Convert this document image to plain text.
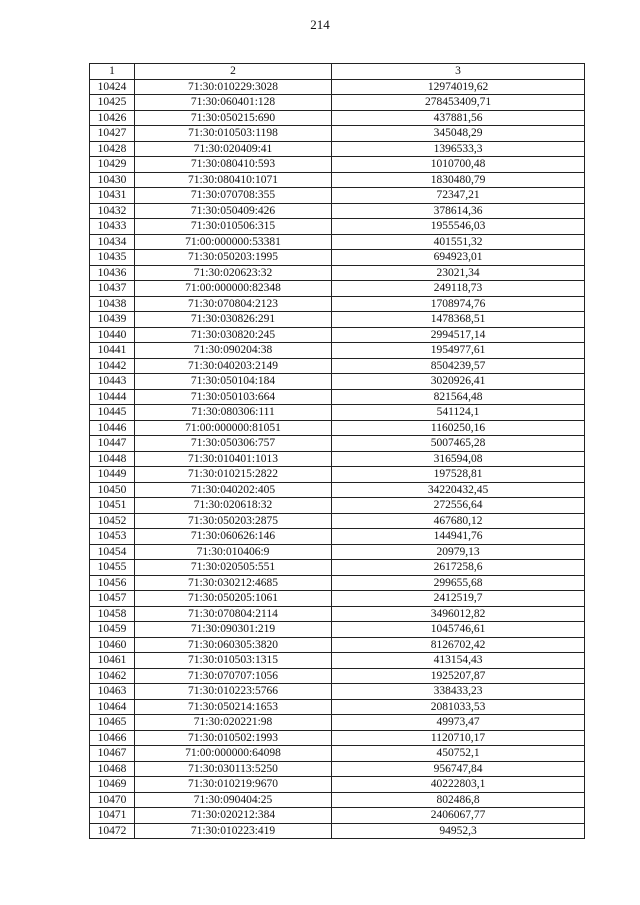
214
1	2	3
10424	71:30:010229:3028	12974019,62
10425	71:30:060401:128	278453409,71
10426	71:30:050215:690	437881,56
10427	71:30:010503:1198	345048,29
10428	71:30:020409:41	1396533,3
10429	71:30:080410:593	1010700,48
10430	71:30:080410:1071	1830480,79
10431	71:30:070708:355	72347,21
10432	71:30:050409:426	378614,36
10433	71:30:010506:315	1955546,03
10434	71:00:000000:53381	401551,32
10435	71:30:050203:1995	694923,01
10436	71:30:020623:32	23021,34
10437	71:00:000000:82348	249118,73
10438	71:30:070804:2123	1708974,76
10439	71:30:030826:291	1478368,51
10440	71:30:030820:245	2994517,14
10441	71:30:090204:38	1954977,61
10442	71:30:040203:2149	8504239,57
10443	71:30:050104:184	3020926,41
10444	71:30:050103:664	821564,48
10445	71:30:080306:111	541124,1
10446	71:00:000000:81051	1160250,16
10447	71:30:050306:757	5007465,28
10448	71:30:010401:1013	316594,08
10449	71:30:010215:2822	197528,81
10450	71:30:040202:405	34220432,45
10451	71:30:020618:32	272556,64
10452	71:30:050203:2875	467680,12
10453	71:30:060626:146	144941,76
10454	71:30:010406:9	20979,13
10455	71:30:020505:551	2617258,6
10456	71:30:030212:4685	299655,68
10457	71:30:050205:1061	2412519,7
10458	71:30:070804:2114	3496012,82
10459	71:30:090301:219	1045746,61
10460	71:30:060305:3820	8126702,42
10461	71:30:010503:1315	413154,43
10462	71:30:070707:1056	1925207,87
10463	71:30:010223:5766	338433,23
10464	71:30:050214:1653	2081033,53
10465	71:30:020221:98	49973,47
10466	71:30:010502:1993	1120710,17
10467	71:00:000000:64098	450752,1
10468	71:30:030113:5250	956747,84
10469	71:30:010219:9670	40222803,1
10470	71:30:090404:25	802486,8
10471	71:30:020212:384	2406067,77
10472	71:30:010223:419	94952,3
